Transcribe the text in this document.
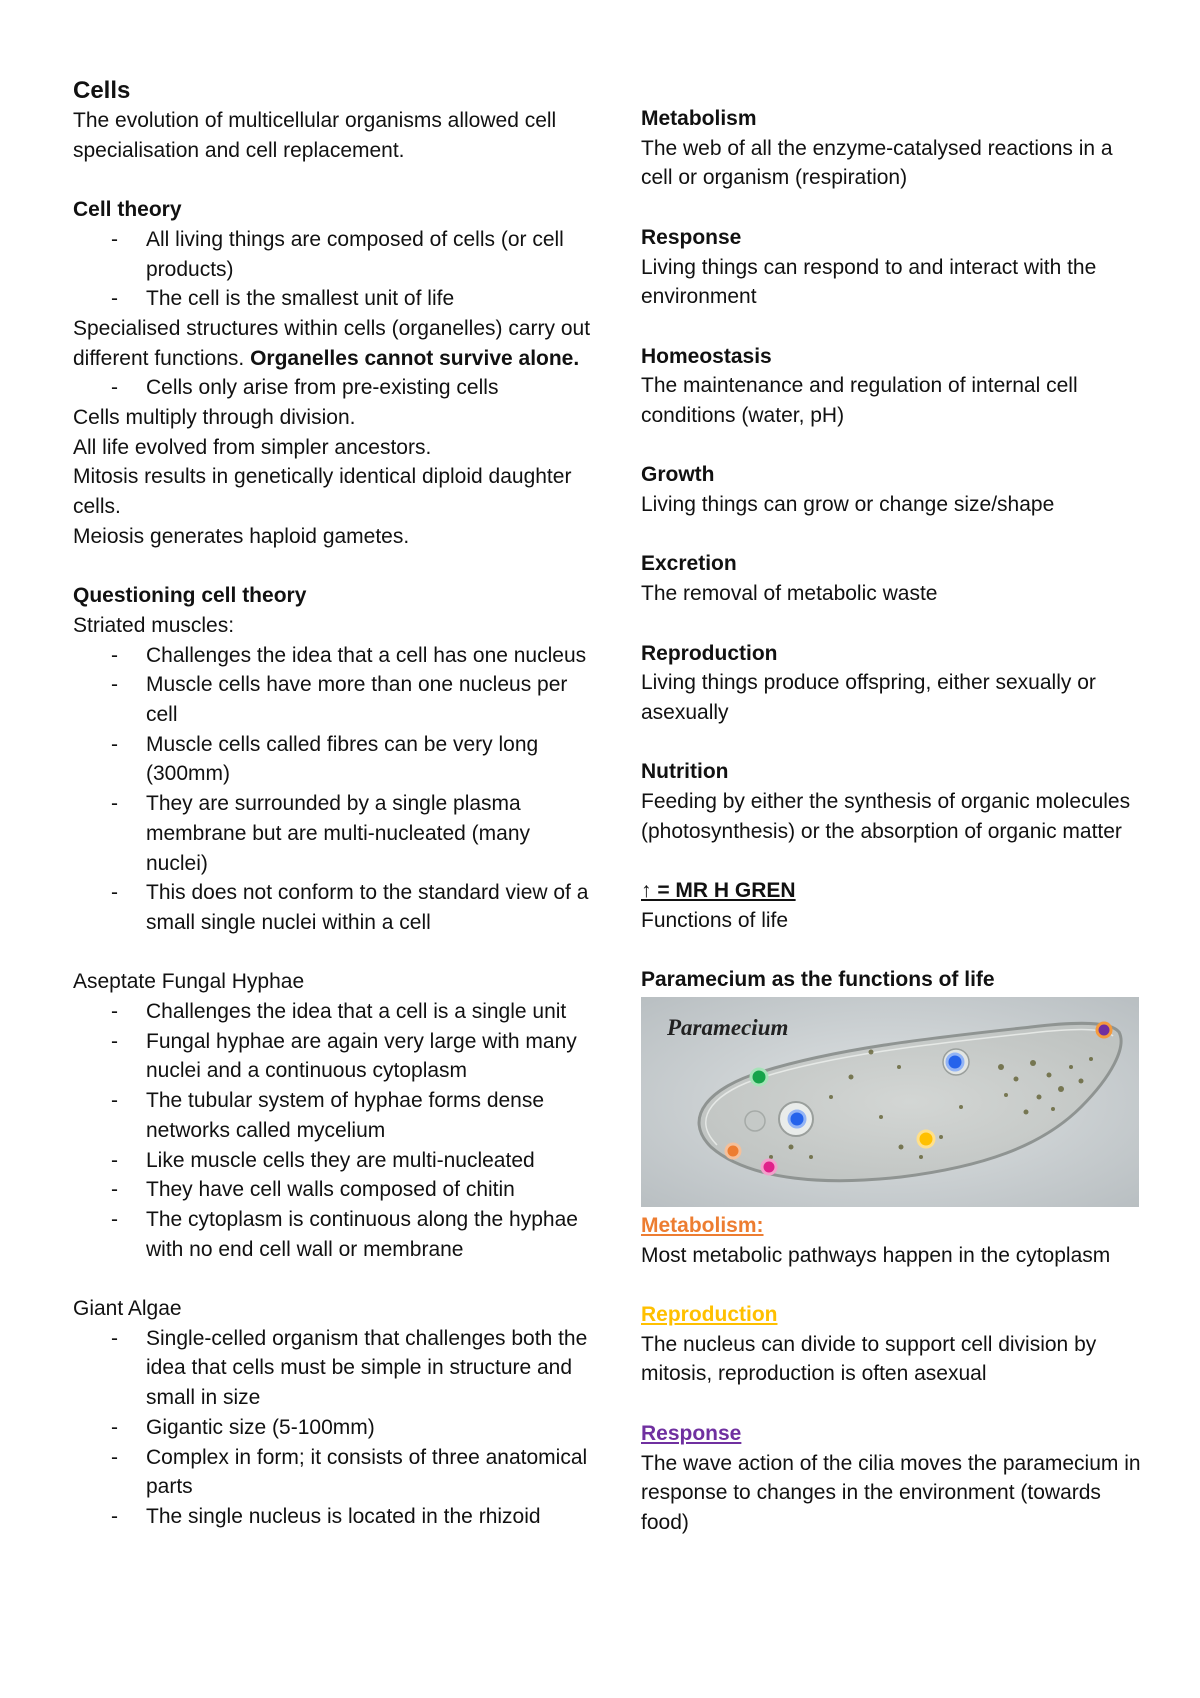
Cells

The evolution of multicellular organisms allowed cell specialisation and cell replacement.

Cell theory

- All living things are composed of cells (or cell products)
- The cell is the smallest unit of life

Specialised structures within cells (organelles) carry out different functions. Organelles cannot survive alone.

- Cells only arise from pre-existing cells

Cells multiply through division.

All life evolved from simpler ancestors.

Mitosis results in genetically identical diploid daughter cells.

Meiosis generates haploid gametes.

Questioning cell theory

Striated muscles:

- Challenges the idea that a cell has one nucleus
- Muscle cells have more than one nucleus per cell
- Muscle cells called fibres can be very long (300mm)
- They are surrounded by a single plasma membrane but are multi-nucleated (many nuclei)
- This does not conform to the standard view of a small single nuclei within a cell

Aseptate Fungal Hyphae

- Challenges the idea that a cell is a single unit
- Fungal hyphae are again very large with many nuclei and a continuous cytoplasm
- The tubular system of hyphae forms dense networks called mycelium
- Like muscle cells they are multi-nucleated
- They have cell walls composed of chitin
- The cytoplasm is continuous along the hyphae with no end cell wall or membrane

Giant Algae

- Single-celled organism that challenges both the idea that cells must be simple in structure and small in size
- Gigantic size (5-100mm)
- Complex in form; it consists of three anatomical parts
- The single nucleus is located in the rhizoid

Metabolism

The web of all the enzyme-catalysed reactions in a cell or organism (respiration)

Response

Living things can respond to and interact with the environment

Homeostasis

The maintenance and regulation of internal cell conditions (water, pH)

Growth

Living things can grow or change size/shape

Excretion

The removal of metabolic waste

Reproduction

Living things produce offspring, either sexually or asexually

Nutrition

Feeding by either the synthesis of organic molecules (photosynthesis) or the absorption of organic matter

↑ = MR H GREN

Functions of life

Paramecium as the functions of life

Paramecium

Metabolism:

Most metabolic pathways happen in the cytoplasm

Reproduction

The nucleus can divide to support cell division by mitosis, reproduction is often asexual

Response

The wave action of the cilia moves the paramecium in response to changes in the environment (towards food)
